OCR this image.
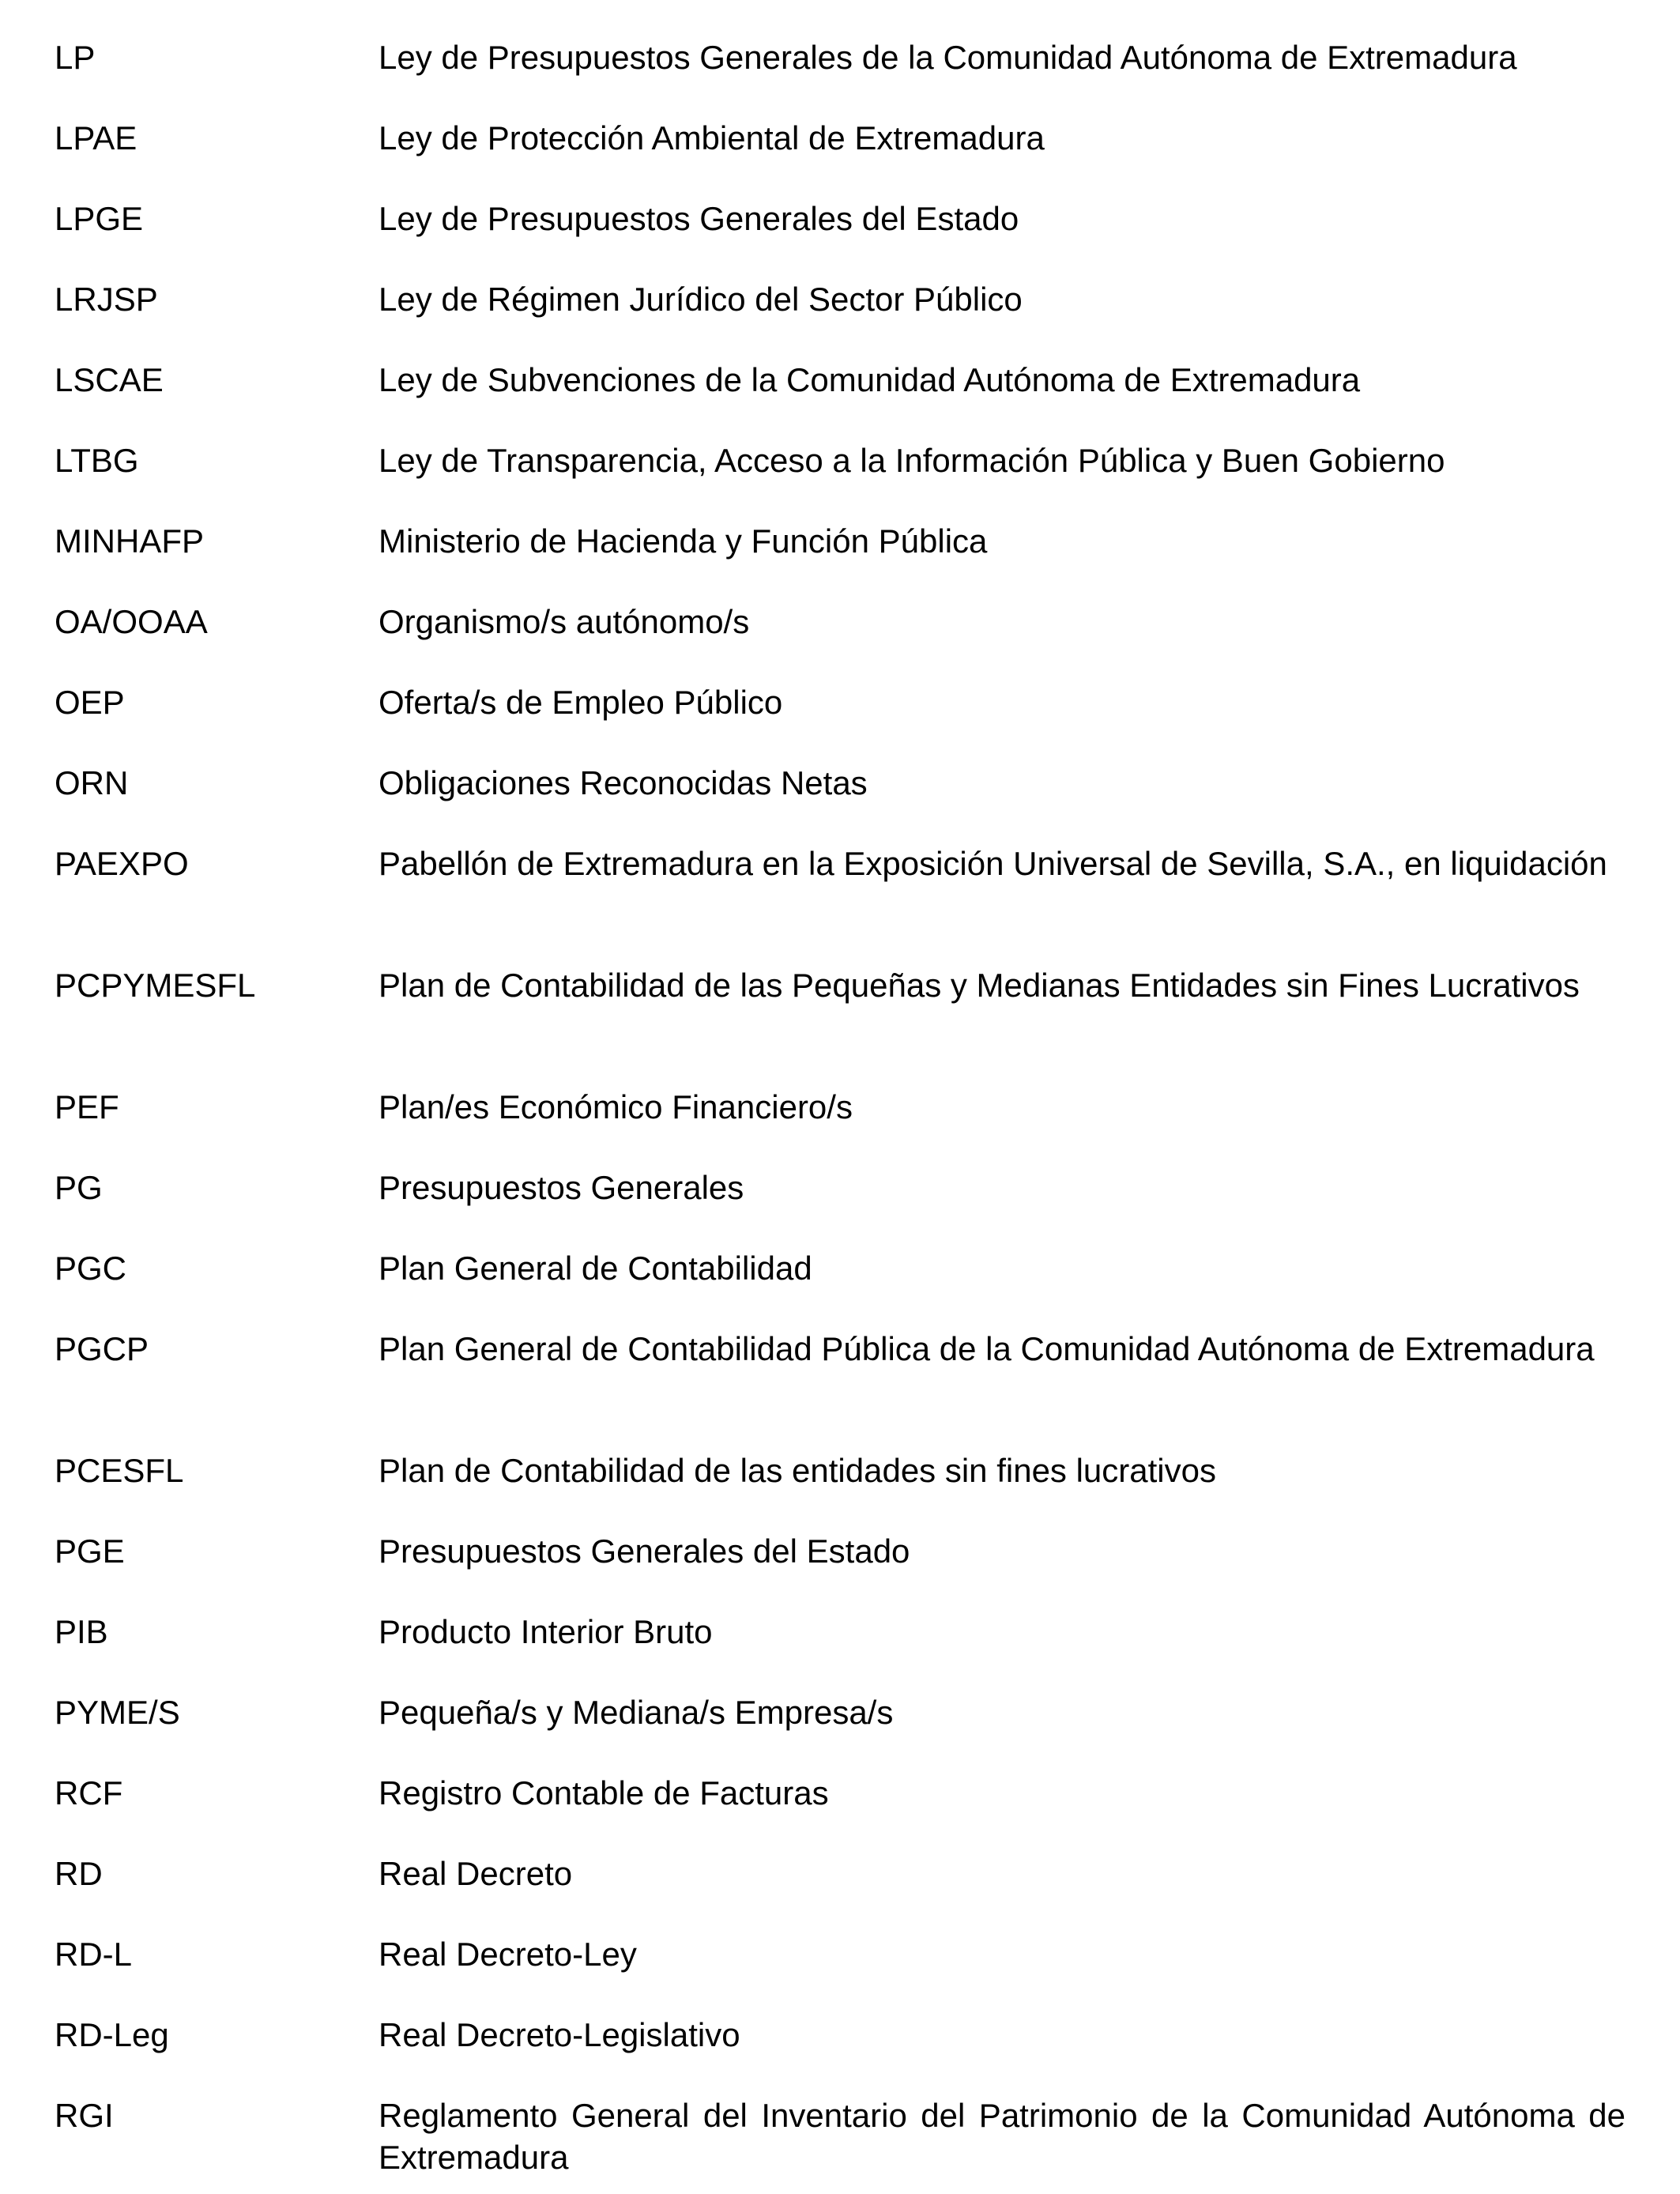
LP	Ley de Presupuestos Generales de la Comunidad Autónoma de Extremadura
LPAE	Ley de Protección Ambiental de Extremadura
LPGE	Ley de Presupuestos Generales del Estado
LRJSP	Ley de Régimen Jurídico del Sector Público
LSCAE	Ley de Subvenciones de la Comunidad Autónoma de Extremadura
LTBG	Ley de Transparencia, Acceso a la Información Pública y Buen Gobierno
MINHAFP	Ministerio de Hacienda y Función Pública
OA/OOAA	Organismo/s autónomo/s
OEP	Oferta/s de Empleo Público
ORN	Obligaciones Reconocidas Netas
PAEXPO	Pabellón de Extremadura en la Exposición Universal de Sevilla, S.A., en liquidación
PCPYMESFL	Plan de Contabilidad de las Pequeñas y Medianas Entidades sin Fines Lucrativos
PEF	Plan/es Económico Financiero/s
PG	Presupuestos Generales
PGC	Plan General de Contabilidad
PGCP	Plan General de Contabilidad Pública de la Comunidad Autónoma de Extremadura
PCESFL	Plan de Contabilidad de las entidades sin fines lucrativos
PGE	Presupuestos Generales del Estado
PIB	Producto Interior Bruto
PYME/S	Pequeña/s y Mediana/s Empresa/s
RCF	Registro Contable de Facturas
RD	Real Decreto
RD-L	Real Decreto-Ley
RD-Leg	Real Decreto-Legislativo
RGI	Reglamento General del Inventario del Patrimonio de la Comunidad Autónoma de Extremadura
